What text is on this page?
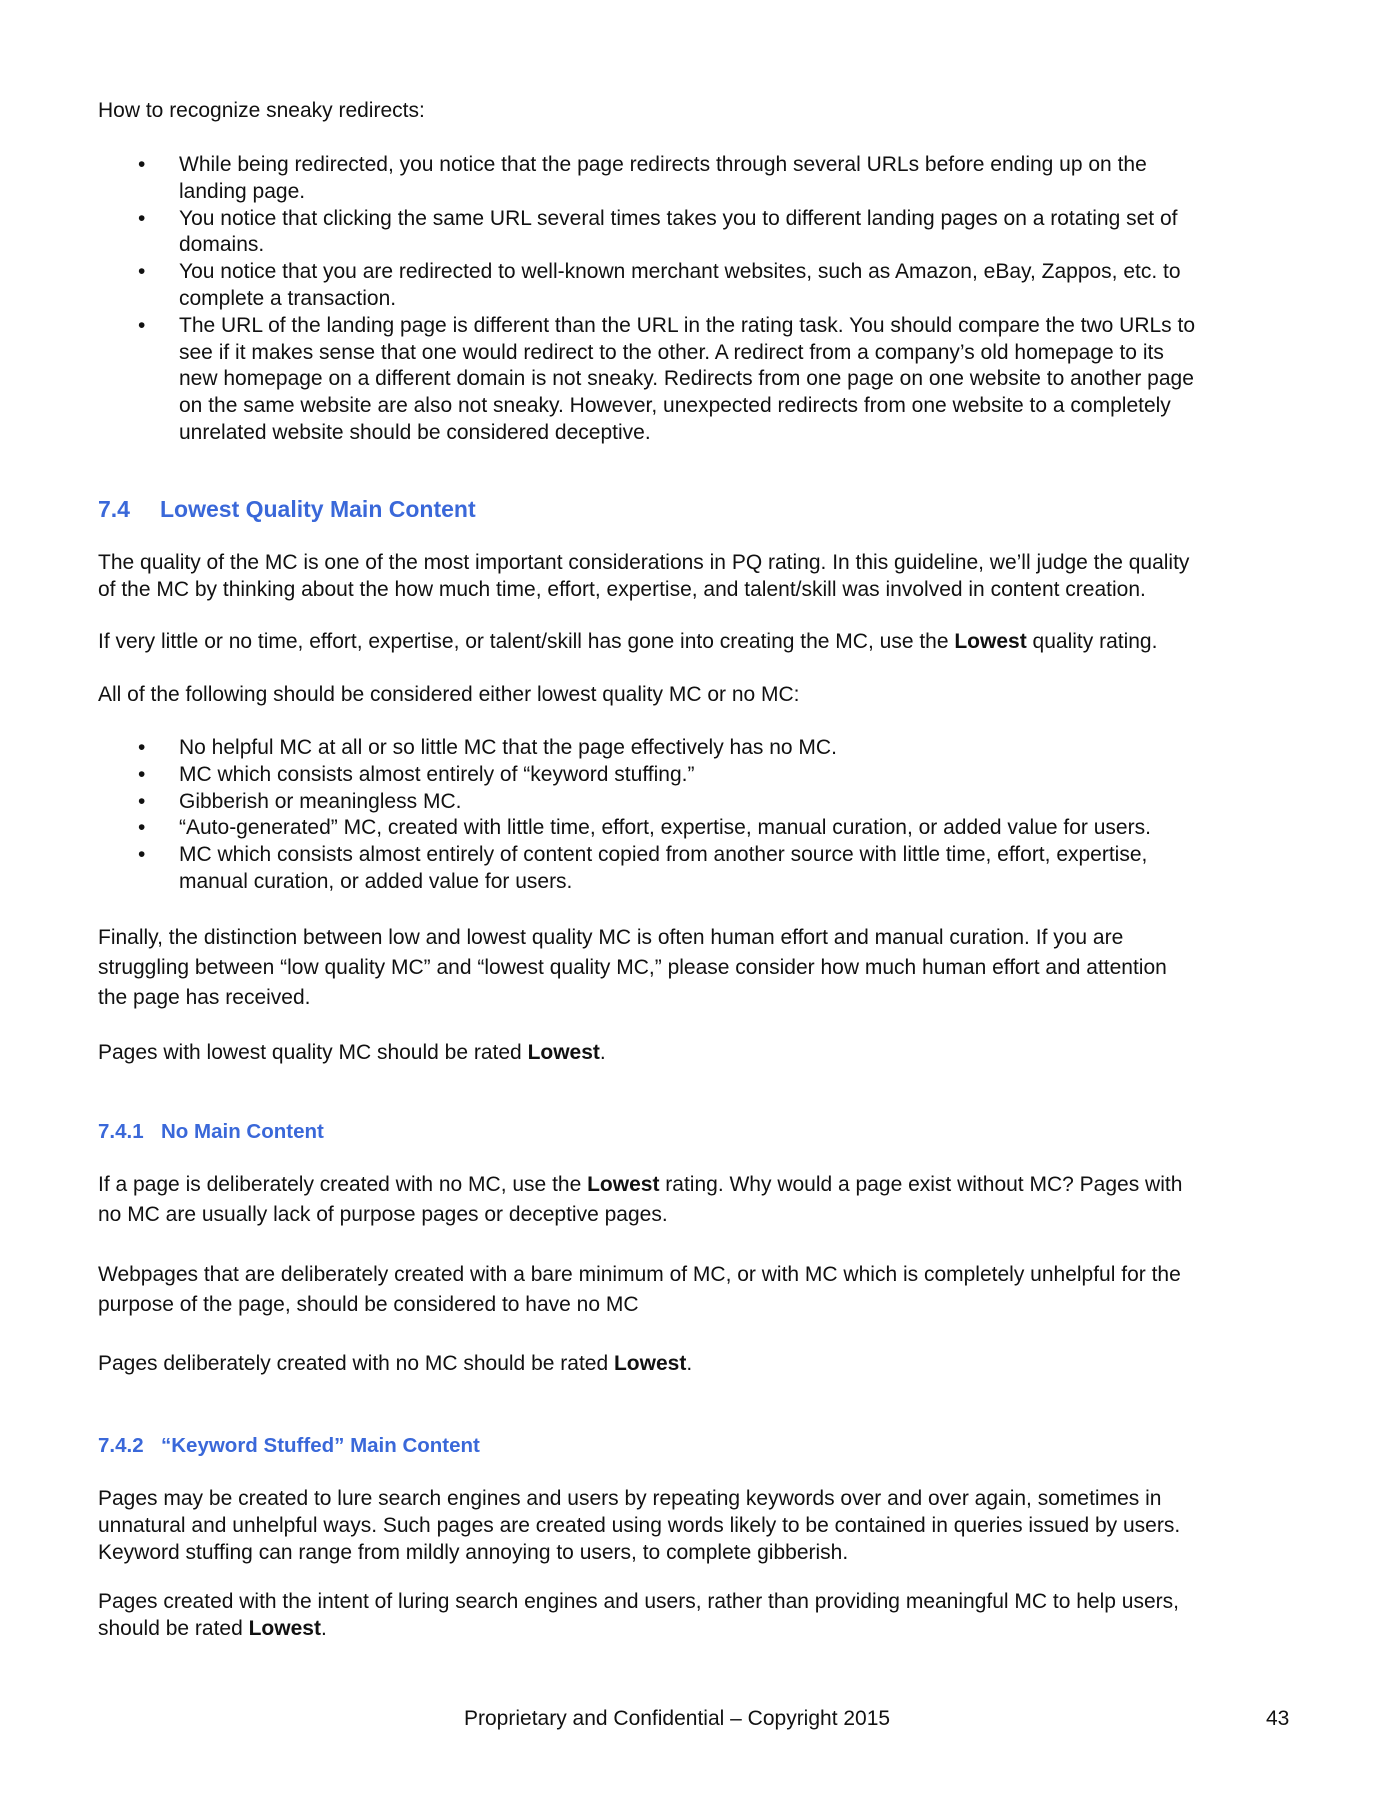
How to recognize sneaky redirects:
• While being redirected, you notice that the page redirects through several URLs before ending up on the
landing page.
• You notice that clicking the same URL several times takes you to different landing pages on a rotating set of
domains.
• You notice that you are redirected to well-known merchant websites, such as Amazon, eBay, Zappos, etc. to
complete a transaction.
• The URL of the landing page is different than the URL in the rating task. You should compare the two URLs to
see if it makes sense that one would redirect to the other. A redirect from a company’s old homepage to its
new homepage on a different domain is not sneaky. Redirects from one page on one website to another page
on the same website are also not sneaky. However, unexpected redirects from one website to a completely
unrelated website should be considered deceptive.
7.4 Lowest Quality Main Content
The quality of the MC is one of the most important considerations in PQ rating. In this guideline, we’ll judge the quality
of the MC by thinking about the how much time, effort, expertise, and talent/skill was involved in content creation.
If very little or no time, effort, expertise, or talent/skill has gone into creating the MC, use the Lowest quality rating.
All of the following should be considered either lowest quality MC or no MC:
• No helpful MC at all or so little MC that the page effectively has no MC.
• MC which consists almost entirely of “keyword stuffing.”
• Gibberish or meaningless MC.
• “Auto-generated” MC, created with little time, effort, expertise, manual curation, or added value for users.
• MC which consists almost entirely of content copied from another source with little time, effort, expertise,
manual curation, or added value for users.
Finally, the distinction between low and lowest quality MC is often human effort and manual curation. If you are
struggling between “low quality MC” and “lowest quality MC,” please consider how much human effort and attention
the page has received.
Pages with lowest quality MC should be rated Lowest.
7.4.1 No Main Content
If a page is deliberately created with no MC, use the Lowest rating. Why would a page exist without MC? Pages with
no MC are usually lack of purpose pages or deceptive pages.
Webpages that are deliberately created with a bare minimum of MC, or with MC which is completely unhelpful for the
purpose of the page, should be considered to have no MC
Pages deliberately created with no MC should be rated Lowest.
7.4.2 “Keyword Stuffed” Main Content
Pages may be created to lure search engines and users by repeating keywords over and over again, sometimes in
unnatural and unhelpful ways. Such pages are created using words likely to be contained in queries issued by users.
Keyword stuffing can range from mildly annoying to users, to complete gibberish.
Pages created with the intent of luring search engines and users, rather than providing meaningful MC to help users,
should be rated Lowest.
Proprietary and Confidential – Copyright 2015	43
